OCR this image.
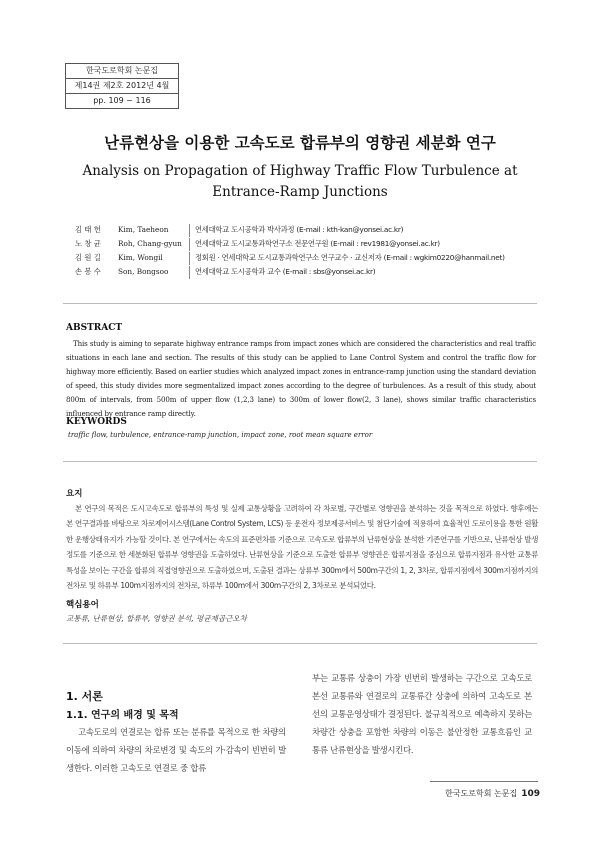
한국도로학회 논문집
제14권 제2호 2012년 4월
pp. 109 ~ 116
난류현상을 이용한 고속도로 합류부의 영향권 세분화 연구
Analysis on Propagation of Highway Traffic Flow Turbulence at
Entrance-Ramp Junctions
김 태 헌 Kim, Taeheon	연세대학교 도시공학과 박사과정 (E-mail : kth-kan@yonsei.ac.kr)
노 창 균 Roh, Chang-gyun 연세대학교 도시교통과학연구소 전문연구원 (E-mail : rev1981@yonsei.ac.kr)
김 원 길 Kim, Wongil	정회원 · 연세대학교 도시교통과학연구소 연구교수 · 교신저자 (E-mail : wgkim0220@hanmail.net)
손 봉 수 Son, Bongsoo	연세대학교 도시공학과 교수 (E-mail : sbs@yonsei.ac.kr)
ABSTRACT
This study is aiming to separate highway entrance ramps from impact zones which are considered the characteristics and real traffic situations in each lane and section. The results of this study can be applied to Lane Control System and control the traffic flow for highway more efficiently. Based on earlier studies which analyzed impact zones in entrance-ramp junction using the standard deviation of speed, this study divides more segmentalized impact zones according to the degree of turbulences. As a result of this study, about 800m of intervals, from 500m of upper flow (1,2,3 lane) to 300m of lower flow(2, 3 lane), shows similar traffic characteristics influenced by entrance ramp directly.
KEYWORDS
traffic flow, turbulence, entrance-ramp junction, impact zone, root mean square error
요지
본 연구의 목적은 도시고속도로 합류부의 특성 및 실제 교통상황을 고려하여 각 차로별, 구간별로 영향권을 분석하는 것을 목적으로 하였다. 향후에는 본 연구결과를 바탕으로 차로제어시스템(Lane Control System, LCS) 등 운전자 정보제공서비스 및 첨단기술에 적용하여 효율적인 도로이용을 통한 원활한 운행상태유지가 가능할 것이다. 본 연구에서는 속도의 표준편차를 기준으로 고속도로 합류부의 난류현상을 분석한 기존연구를 기반으로, 난류현상 발생정도를 기준으로 한 세분화된 합류부 영향권을 도출하였다. 난류현상을 기준으로 도출한 합류부 영향권은 합류지점을 중심으로 합류지점과 유사한 교통류 특성을 보이는 구간을 합류의 직접영향권으로 도출하였으며, 도출된 결과는 상류부 300m에서 500m구간의 1, 2, 3차로, 합류지점에서 300m지점까지의 전차로 및 하류부 100m지점까지의 전차로, 하류부 100m에서 300m구간의 2, 3차로로 분석되었다.
핵심용어
교통류, 난류현상, 합류부, 영향권 분석, 평균제곱근오차
1. 서론
1.1. 연구의 배경 및 목적
고속도로의 연결로는 합류 또는 분류를 목적으로 한 차량의 이동에 의하여 차량의 차로변경 및 속도의 가·감속이 빈번히 발생한다. 이러한 고속도로 연결로 중 합류
부는 교통류 상충이 가장 빈번히 발생하는 구간으로 고속도로 본선 교통류와 연결로의 교통류간 상충에 의하여 고속도로 본선의 교통운영상태가 결정된다. 불규칙적으로 예측하지 못하는 차량간 상충을 포함한 차량의 이동은 불안정한 교통흐름인 교통류 난류현상을 발생시킨다.
한국도로학회 논문집 109
